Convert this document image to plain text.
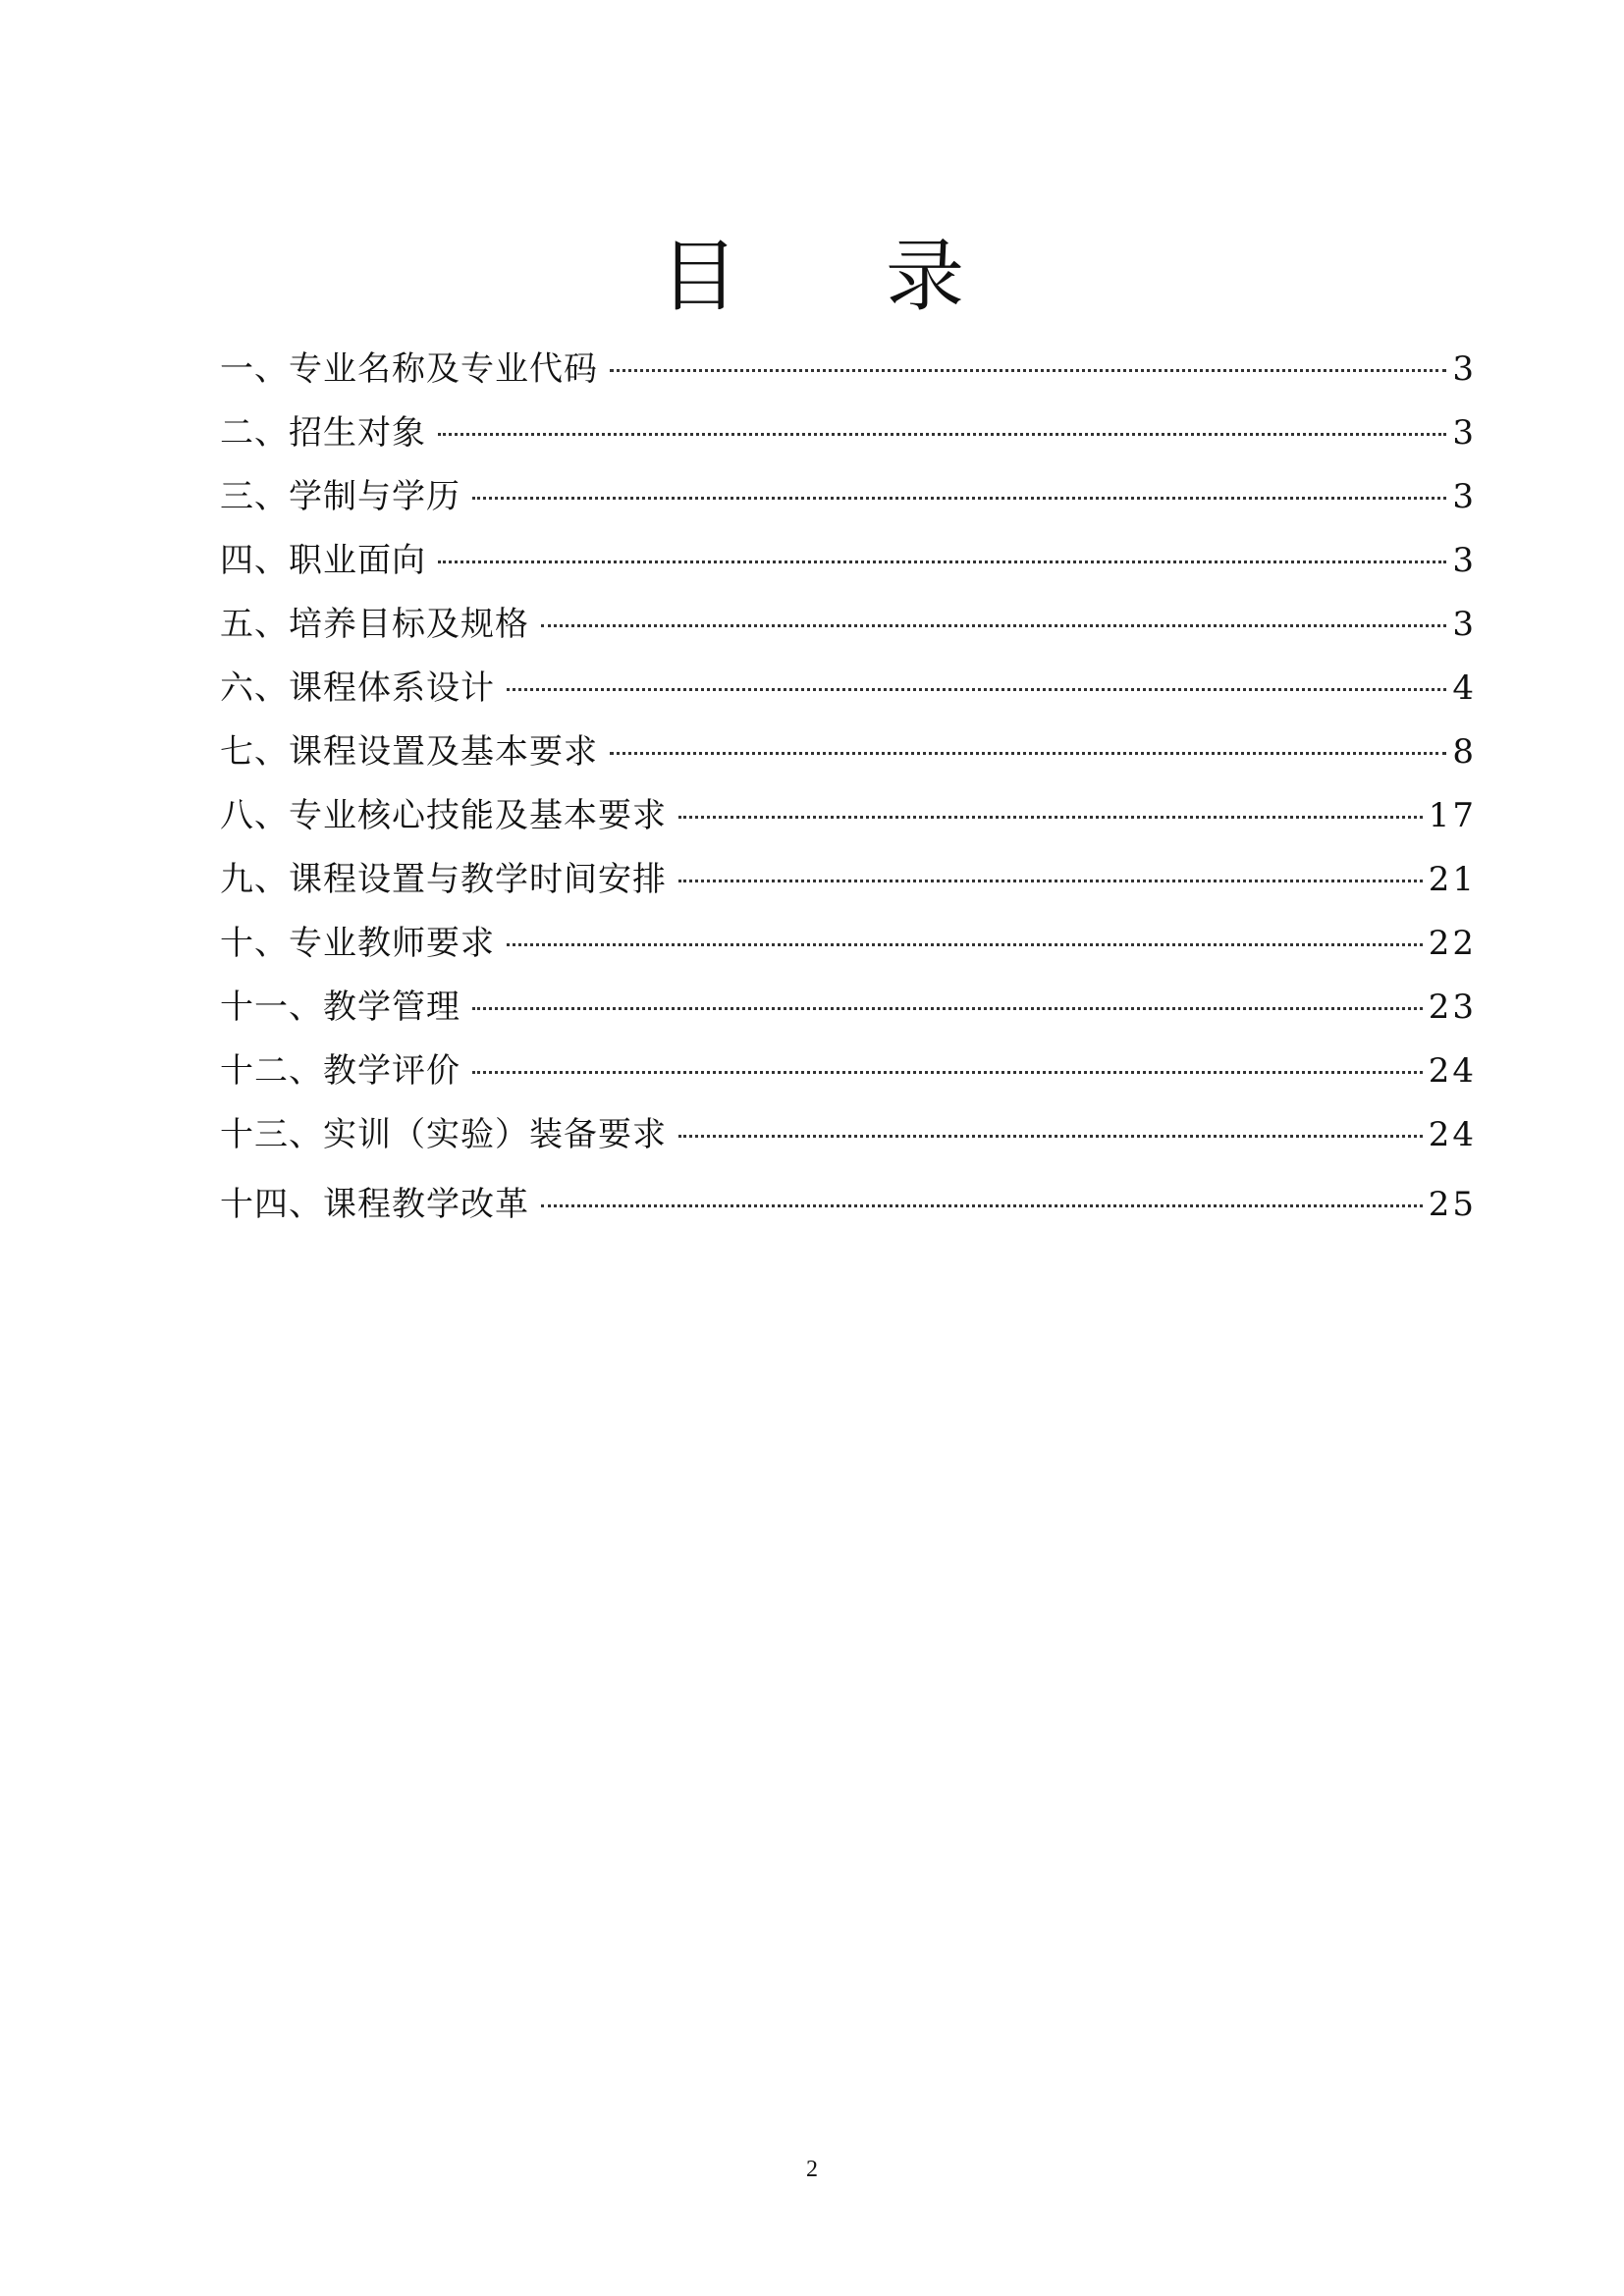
目录
一、专业名称及专业代码	3
二、招生对象	3
三、学制与学历	3
四、职业面向	3
五、培养目标及规格	3
六、课程体系设计	4
七、课程设置及基本要求	8
八、专业核心技能及基本要求	17
九、课程设置与教学时间安排	21
十、专业教师要求	22
十一、教学管理	23
十二、教学评价	24
十三、实训（实验）装备要求	24
十四、课程教学改革	25
2
